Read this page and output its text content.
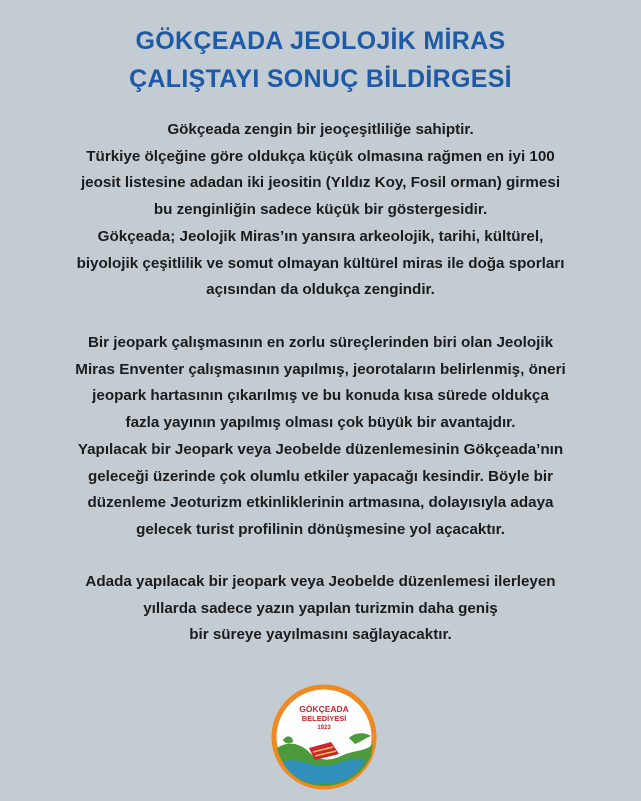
GÖKÇEADA JEOLOJİK MİRAS
ÇALIŞTAYI SONUÇ BİLDİRGESİ
Gökçeada zengin bir jeoçeşitliliğe sahiptir.
Türkiye ölçeğine göre oldukça küçük olmasına rağmen en iyi 100
jeosit listesine adadan iki jeositin (Yıldız Koy, Fosil orman) girmesi
bu zenginliğin sadece küçük bir göstergesidir.
Gökçeada; Jeolojik Miras’ın yansıra arkeolojik, tarihi, kültürel,
biyolojik çeşitlilik ve somut olmayan kültürel miras ile doğa sporları
açısından da oldukça zengindir.
Bir jeopark çalışmasının en zorlu süreçlerinden biri olan Jeolojik
Miras Enventer çalışmasının yapılmış, jeorotaların belirlenmiş, öneri
jeopark hartasının çıkarılmış ve bu konuda kısa sürede oldukça
fazla yayının yapılmış olması çok büyük bir avantajdır.
Yapılacak bir Jeopark veya Jeobelde düzenlemesinin Gökçeada’nın
geleceği üzerinde çok olumlu etkiler yapacağı kesindir. Böyle bir
düzenleme Jeoturizm etkinliklerinin artmasına, dolayısıyla adaya
gelecek turist profilinin dönüşmesine yol açacaktır.
Adada yapılacak bir jeopark veya Jeobelde düzenlemesi ilerleyen
yıllarda sadece yazın yapılan turizmin daha geniş
bir süreye yayılmasını sağlayacaktır.
GÖKÇEADA
BELEDİYESİ
1923
